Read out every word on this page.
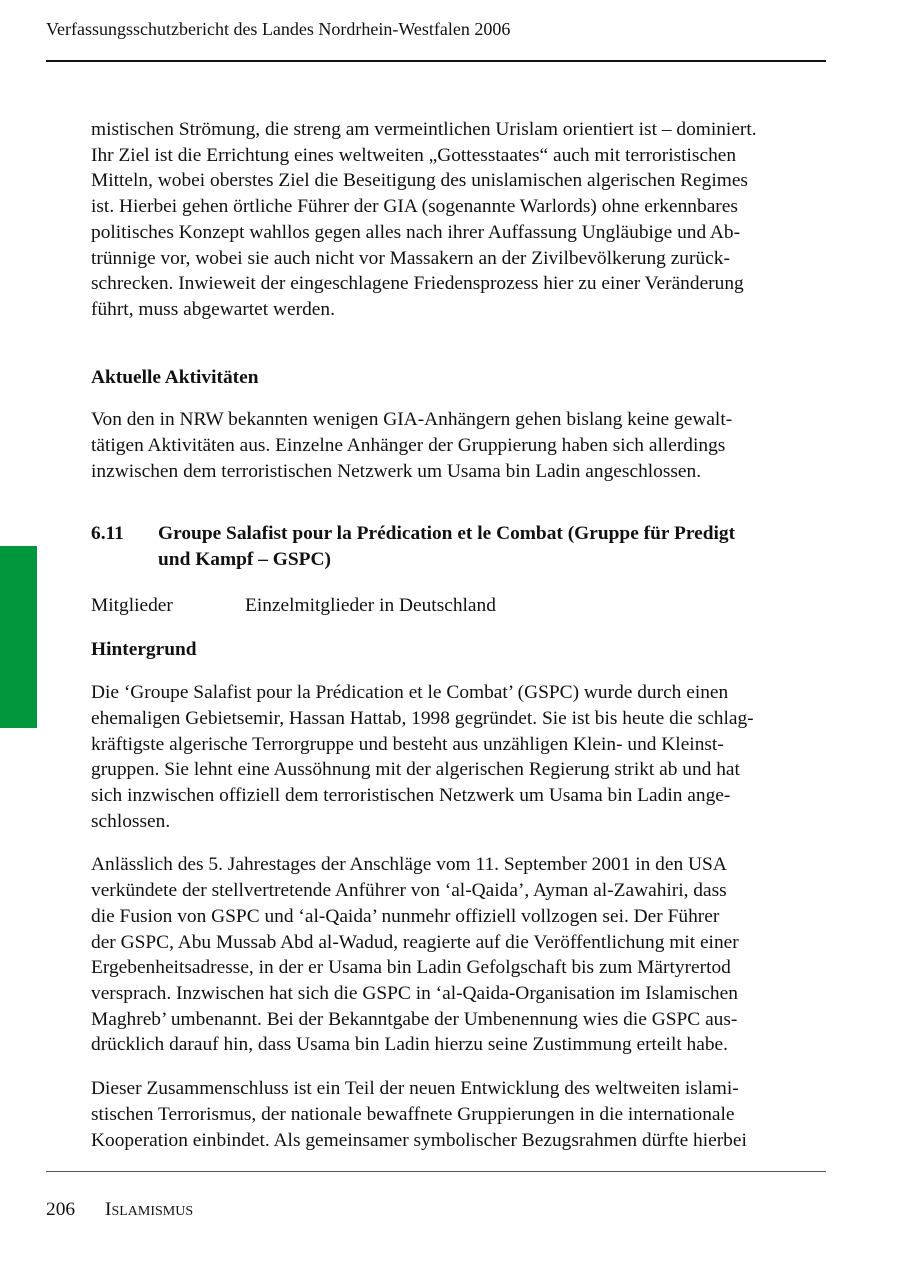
Verfassungsschutzbericht des Landes Nordrhein-Westfalen 2006

mistischen Strömung, die streng am vermeintlichen Urislam orientiert ist – dominiert.
Ihr Ziel ist die Errichtung eines weltweiten „Gottesstaates“ auch mit terroristischen
Mitteln, wobei oberstes Ziel die Beseitigung des unislamischen algerischen Regimes
ist. Hierbei gehen örtliche Führer der GIA (sogenannte Warlords) ohne erkennbares
politisches Konzept wahllos gegen alles nach ihrer Auffassung Ungläubige und Ab-
trünnige vor, wobei sie auch nicht vor Massakern an der Zivilbevölkerung zurück-
schrecken. Inwieweit der eingeschlagene Friedensprozess hier zu einer Veränderung
führt, muss abgewartet werden.

Aktuelle Aktivitäten

Von den in NRW bekannten wenigen GIA-Anhängern gehen bislang keine gewalt-
tätigen Aktivitäten aus. Einzelne Anhänger der Gruppierung haben sich allerdings
inzwischen dem terroristischen Netzwerk um Usama bin Ladin angeschlossen.

6.11	Groupe Salafist pour la Prédication et le Combat (Gruppe für Predigt
und Kampf – GSPC)
Mitglieder	Einzelmitglieder in Deutschland

Hintergrund

Die ‘Groupe Salafist pour la Prédication et le Combat’ (GSPC) wurde durch einen
ehemaligen Gebietsemir, Hassan Hattab, 1998 gegründet. Sie ist bis heute die schlag-
kräftigste algerische Terrorgruppe und besteht aus unzähligen Klein- und Kleinst-
gruppen. Sie lehnt eine Aussöhnung mit der algerischen Regierung strikt ab und hat
sich inzwischen offiziell dem terroristischen Netzwerk um Usama bin Ladin ange-
schlossen.

Anlässlich des 5. Jahrestages der Anschläge vom 11. September 2001 in den USA
verkündete der stellvertretende Anführer von ‘al-Qaida’, Ayman al-Zawahiri, dass
die Fusion von GSPC und ‘al-Qaida’ nunmehr offiziell vollzogen sei. Der Führer
der GSPC, Abu Mussab Abd al-Wadud, reagierte auf die Veröffentlichung mit einer
Ergebenheitsadresse, in der er Usama bin Ladin Gefolgschaft bis zum Märtyrertod
versprach. Inzwischen hat sich die GSPC in ‘al-Qaida-Organisation im Islamischen
Maghreb’ umbenannt. Bei der Bekanntgabe der Umbenennung wies die GSPC aus-
drücklich darauf hin, dass Usama bin Ladin hierzu seine Zustimmung erteilt habe.

Dieser Zusammenschluss ist ein Teil der neuen Entwicklung des weltweiten islami-
stischen Terrorismus, der nationale bewaffnete Gruppierungen in die internationale
Kooperation einbindet. Als gemeinsamer symbolischer Bezugsrahmen dürfte hierbei

206	Islamismus
